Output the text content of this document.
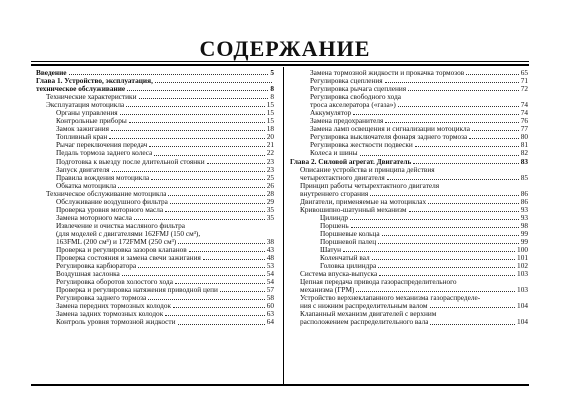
СОДЕРЖАНИЕ
Введение	5
Глава 1. Устройство, эксплуатация,
техническое обслуживание	8
Технические характеристики	8
Эксплуатация мотоцикла	15
Органы управления	15
Контрольные приборы	15
Замок зажигания	18
Топливный кран	20
Рычаг переключения передач	21
Педаль тормоза заднего колеса	22
Подготовка к выезду после длительной стоянки	23
Запуск двигателя	23
Правила вождения мотоцикла	25
Обкатка мотоцикла	26
Техническое обслуживание мотоцикла	28
Обслуживание воздушного фильтра	29
Проверка уровня моторного масла	35
Замена моторного масла	35
Извлечение и очистка масляного фильтра
(для моделей с двигателями 162FMJ (150 см³),
163FML (200 см³) и 172FMM (250 см³)	38
Проверка и регулировка зазоров клапанов	43
Проверка состояния и замена свечи зажигания	48
Регулировка карбюратора	53
Воздушная заслонка	54
Регулировка оборотов холостого хода	54
Проверка и регулировка натяжения приводной цепи	57
Регулировка заднего тормоза	58
Замена передних тормозных колодок	60
Замена задних тормозных колодок	63
Контроль уровня тормозной жидкости	64
Замена тормозной жидкости и прокачка тормозов	65
Регулировка сцепления	71
Регулировка рычага сцепления	72
Регулировка свободного хода
троса акселератора («газа»)	74
Аккумулятор	74
Замена предохранителя	76
Замена ламп освещения и сигнализации мотоцикла	77
Регулировка выключателя фонаря заднего тормоза	80
Регулировка жесткости подвески	81
Колеса и шины	82
Глава 2. Силовой агрегат. Двигатель	83
Описание устройства и принципа действия
четырехтактного двигателя	85
Принцип работы четырехтактного двигателя
внутреннего сгорания	86
Двигатели, применяемые на мотоциклах	86
Кривошипно-шатунный механизм	93
Цилиндр	93
Поршень	98
Поршневые кольца	99
Поршневой палец	99
Шатун	100
Коленчатый вал	101
Головка цилиндра	102
Система впуска-выпуска	103
Цепная передача привода газораспределительного
механизма (ГРМ)	103
Устройство верхнеклапанного механизма газораспределе-
ния с нижним распределительным валом	104
Клапанный механизм двигателей с верхним
расположением распределительного вала	104
